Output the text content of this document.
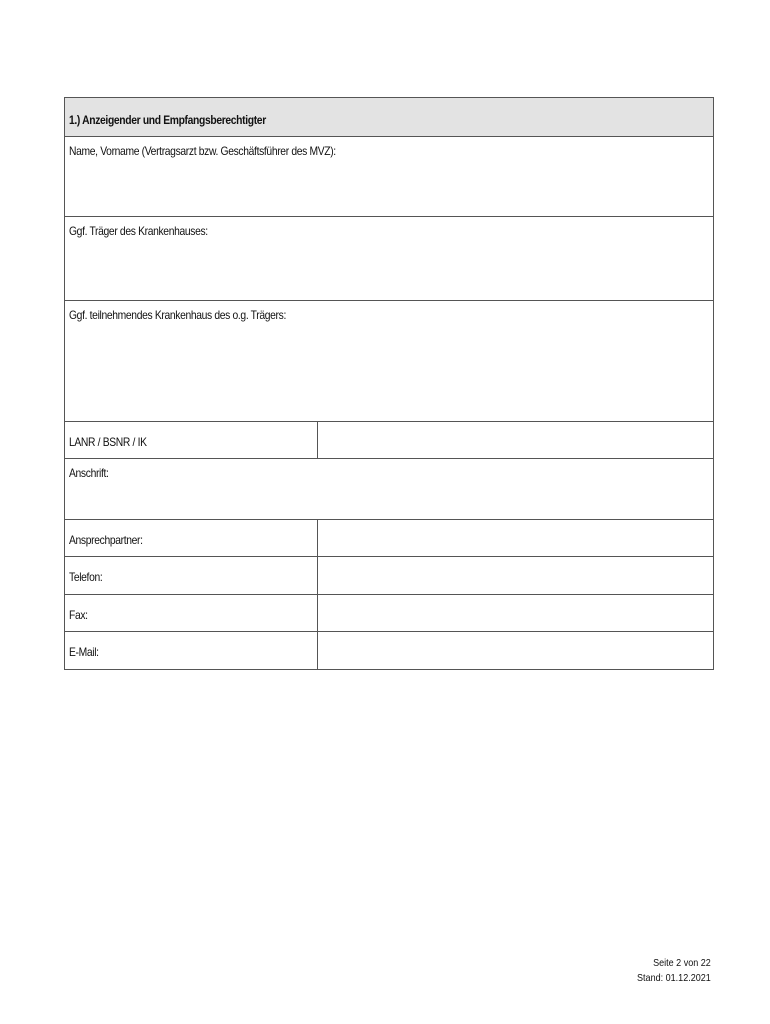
1.) Anzeigender und Empfangsberechtigter
Name, Vorname (Vertragsarzt bzw. Geschäftsführer des MVZ):
Ggf. Träger des Krankenhauses:
Ggf. teilnehmendes Krankenhaus des o.g. Trägers:
LANR / BSNR / IK
Anschrift:
Ansprechpartner:
Telefon:
Fax:
E-Mail:
Seite 2 von 22
Stand: 01.12.2021
